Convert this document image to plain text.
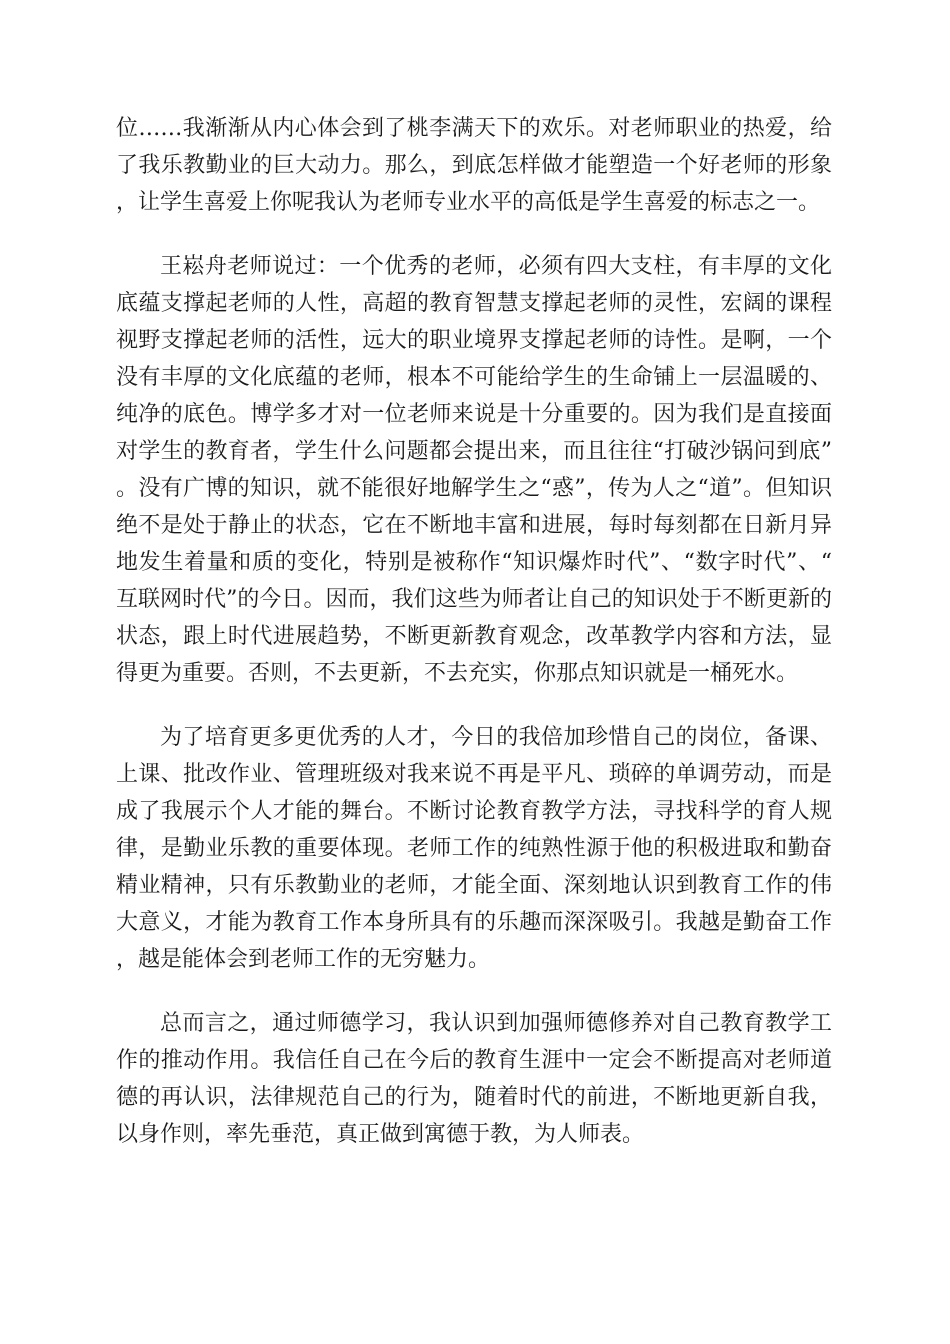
位……我渐渐从内心体会到了桃李满天下的欢乐。对老师职业的热爱，给了我乐教勤业的巨大动力。那么，到底怎样做才能塑造一个好老师的形象，让学生喜爱上你呢我认为老师专业水平的高低是学生喜爱的标志之一。

王崧舟老师说过：一个优秀的老师，必须有四大支柱，有丰厚的文化底蕴支撑起老师的人性，高超的教育智慧支撑起老师的灵性，宏阔的课程视野支撑起老师的活性，远大的职业境界支撑起老师的诗性。是啊，一个没有丰厚的文化底蕴的老师，根本不可能给学生的生命铺上一层温暖的、纯净的底色。博学多才对一位老师来说是十分重要的。因为我们是直接面对学生的教育者，学生什么问题都会提出来，而且往往“打破沙锅问到底”。没有广博的知识，就不能很好地解学生之“惑”，传为人之“道”。但知识绝不是处于静止的状态，它在不断地丰富和进展，每时每刻都在日新月异地发生着量和质的变化，特别是被称作“知识爆炸时代”、“数字时代”、“互联网时代”的今日。因而，我们这些为师者让自己的知识处于不断更新的状态，跟上时代进展趋势，不断更新教育观念，改革教学内容和方法，显得更为重要。否则，不去更新，不去充实，你那点知识就是一桶死水。

为了培育更多更优秀的人才，今日的我倍加珍惜自己的岗位，备课、上课、批改作业、管理班级对我来说不再是平凡、琐碎的单调劳动，而是成了我展示个人才能的舞台。不断讨论教育教学方法，寻找科学的育人规律，是勤业乐教的重要体现。老师工作的纯熟性源于他的积极进取和勤奋精业精神，只有乐教勤业的老师，才能全面、深刻地认识到教育工作的伟大意义，才能为教育工作本身所具有的乐趣而深深吸引。我越是勤奋工作，越是能体会到老师工作的无穷魅力。

总而言之，通过师德学习，我认识到加强师德修养对自己教育教学工作的推动作用。我信任自己在今后的教育生涯中一定会不断提高对老师道德的再认识，法律规范自己的行为，随着时代的前进，不断地更新自我，以身作则，率先垂范，真正做到寓德于教，为人师表。
